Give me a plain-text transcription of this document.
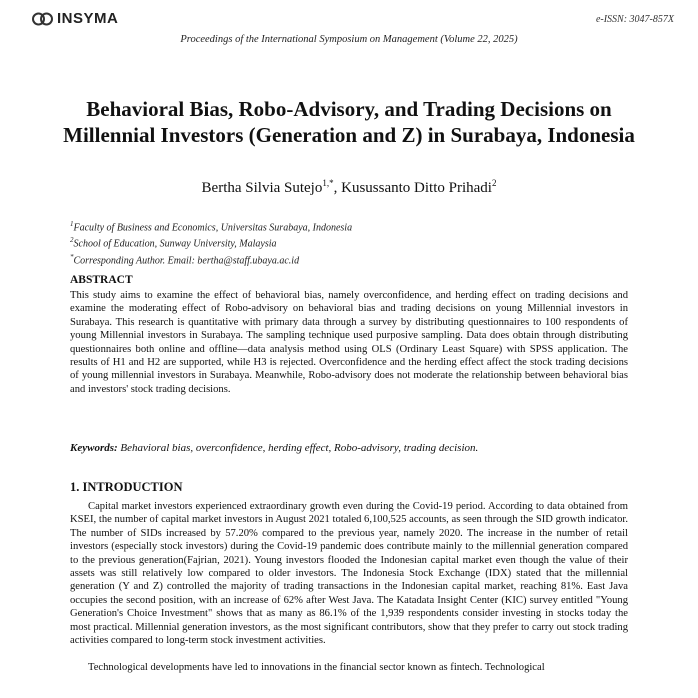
INSYMA	e-ISSN: 3047-857X
Proceedings of the International Symposium on Management (Volume 22, 2025)
Behavioral Bias, Robo-Advisory, and Trading Decisions on Millennial Investors (Generation and Z) in Surabaya, Indonesia
Bertha Silvia Sutejo$^{1,*}$, Kusussanto Ditto Prihadi$^2$
$^1$Faculty of Business and Economics, Universitas Surabaya, Indonesia
$^2$School of Education, Sunway University, Malaysia
*Corresponding Author. Email: bertha@staff.ubaya.ac.id
ABSTRACT
This study aims to examine the effect of behavioral bias, namely overconfidence, and herding effect on trading decisions and examine the moderating effect of Robo-advisory on behavioral bias and trading decisions on young Millennial investors in Surabaya. This research is quantitative with primary data through a survey by distributing questionnaires to 100 respondents of young Millennial investors in Surabaya. The sampling technique used purposive sampling. Data does obtain through distributing questionnaires both online and offline—data analysis method using OLS (Ordinary Least Square) with SPSS application. The results of H1 and H2 are supported, while H3 is rejected. Overconfidence and the herding effect affect the stock trading decisions of young millennial investors in Surabaya. Meanwhile, Robo-advisory does not moderate the relationship between behavioral bias and investors' stock trading decisions.
Keywords: Behavioral bias, overconfidence, herding effect, Robo-advisory, trading decision.
1. INTRODUCTION

Capital market investors experienced extraordinary growth even during the Covid-19 period. According to data obtained from KSEI, the number of capital market investors in August 2021 totaled 6,100,525 accounts, as seen through the SID growth indicator. The number of SIDs increased by 57.20% compared to the previous year, namely 2020. The increase in the number of retail investors (especially stock investors) during the Covid-19 pandemic does contribute mainly to the millennial generation compared to the previous generation(Fajrian, 2021). Young investors flooded the Indonesian capital market even though the value of their assets was still relatively low compared to older investors. The Indonesia Stock Exchange (IDX) stated that the millennial generation (Y and Z) controlled the majority of trading transactions in the Indonesian capital market, reaching 81%. East Java occupies the second position, with an increase of 62% after West Java. The Katadata Insight Center (KIC) survey entitled "Young Generation's Choice Investment" shows that as many as 86.1% of the 1,939 respondents consider investing in stocks today the most practical. Millennial generation investors, as the most significant contributors, show that they prefer to carry out stock trading activities compared to long-term stock investment activities.

Technological developments have led to innovations in the financial sector known as fintech. Technological
